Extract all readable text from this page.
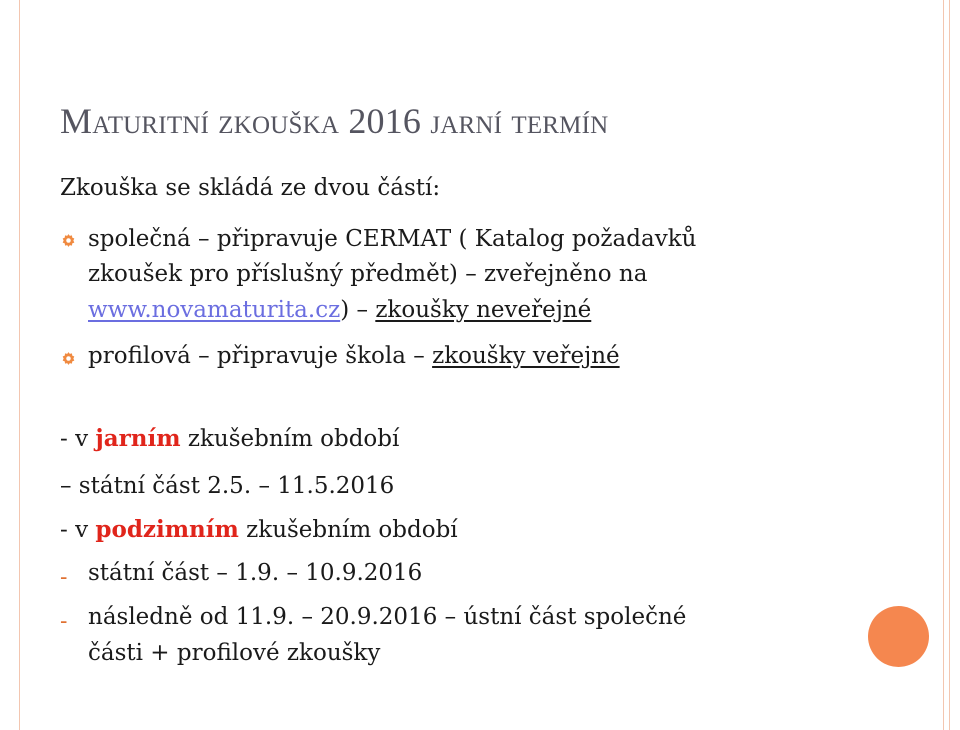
Maturitní zkouška 2016 jarní termín

Zkouška se skládá ze dvou částí:

společná – připravuje CERMAT ( Katalog požadavků

zkoušek pro příslušný předmět) – zveřejněno na

www.novamaturita.cz) – zkoušky neveřejné

profilová – připravuje škola – zkoušky veřejné

- v jarním zkušebním období

– státní část 2.5. – 11.5.2016

- v podzimním zkušebním období

- státní část – 1.9. – 10.9.2016

- následně od 11.9. – 20.9.2016 – ústní část společné

části + profilové zkoušky
